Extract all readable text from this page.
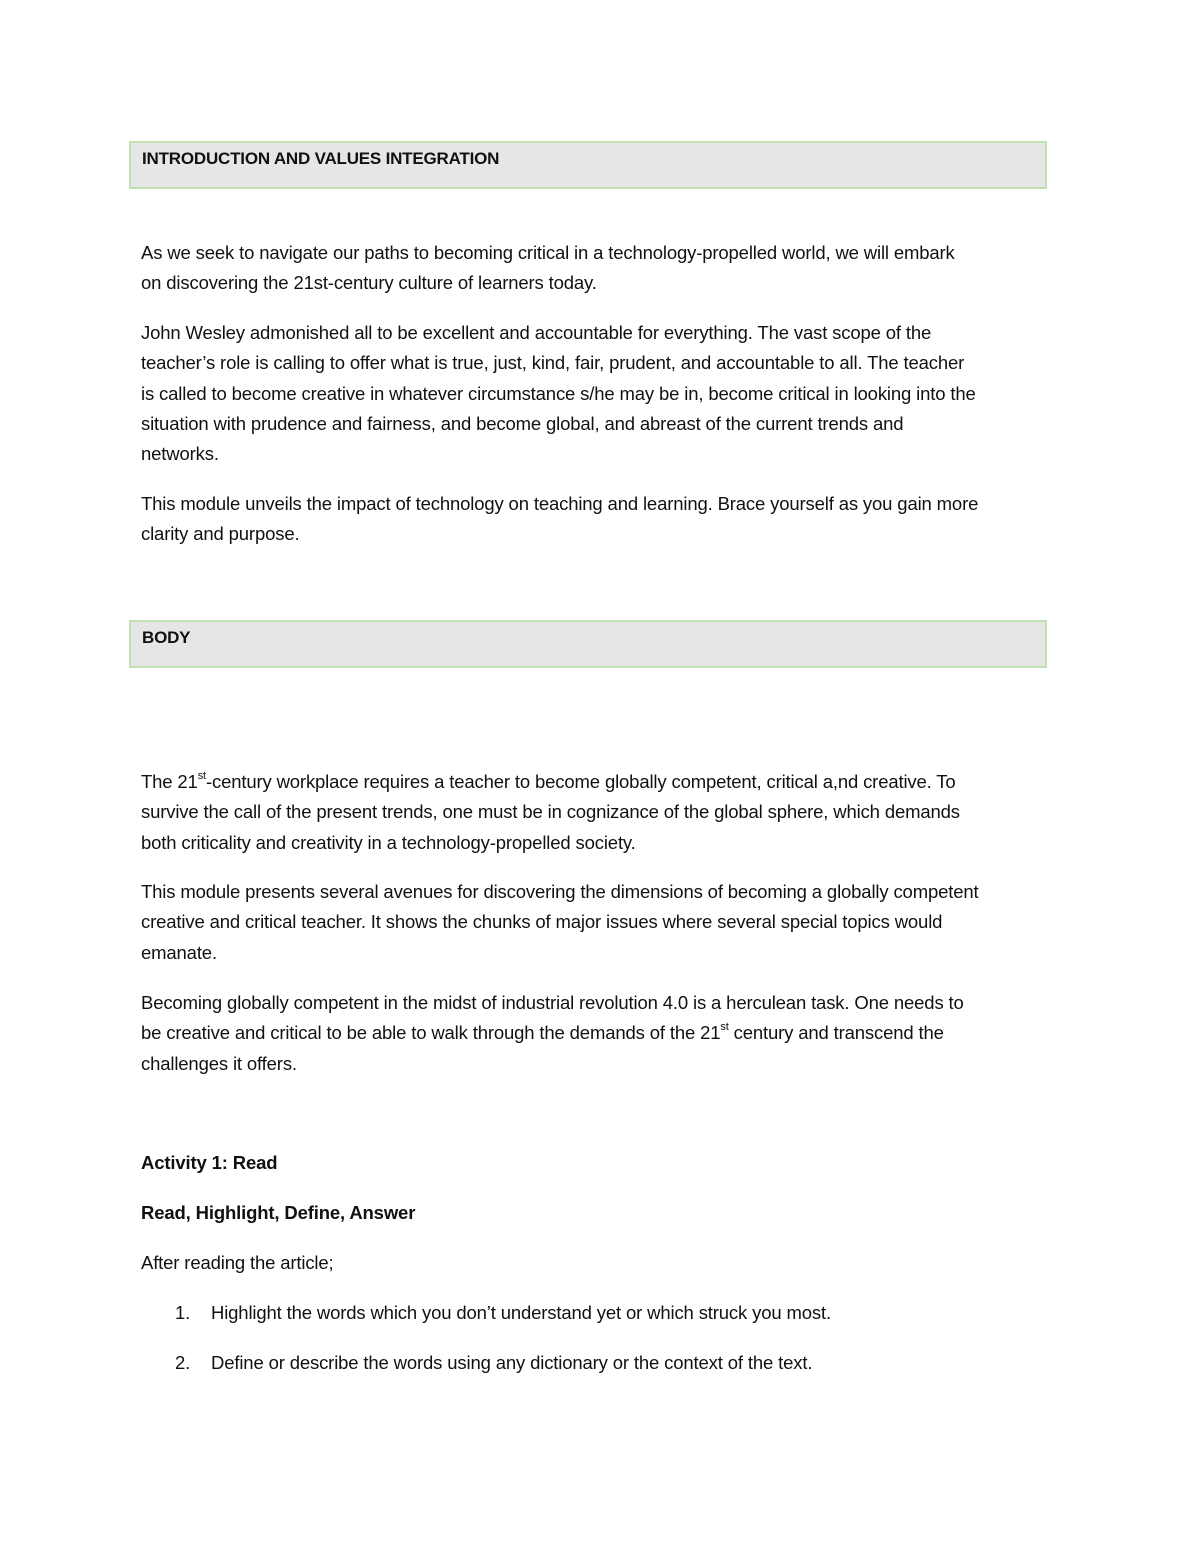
INTRODUCTION AND VALUES INTEGRATION

As we seek to navigate our paths to becoming critical in a technology-propelled world, we will embark
on discovering the 21st-century culture of learners today.

John Wesley admonished all to be excellent and accountable for everything. The vast scope of the
teacher’s role is calling to offer what is true, just, kind, fair, prudent, and accountable to all. The teacher
is called to become creative in whatever circumstance s/he may be in, become critical in looking into the
situation with prudence and fairness, and become global, and abreast of the current trends and
networks.

This module unveils the impact of technology on teaching and learning. Brace yourself as you gain more
clarity and purpose.

BODY

The 21st-century workplace requires a teacher to become globally competent, critical a,nd creative. To
survive the call of the present trends, one must be in cognizance of the global sphere, which demands
both criticality and creativity in a technology-propelled society.

This module presents several avenues for discovering the dimensions of becoming a globally competent
creative and critical teacher. It shows the chunks of major issues where several special topics would
emanate.

Becoming globally competent in the midst of industrial revolution 4.0 is a herculean task. One needs to
be creative and critical to be able to walk through the demands of the 21st century and transcend the
challenges it offers.

Activity 1: Read

Read, Highlight, Define, Answer

After reading the article;

1. Highlight the words which you don’t understand yet or which struck you most.
2. Define or describe the words using any dictionary or the context of the text.
